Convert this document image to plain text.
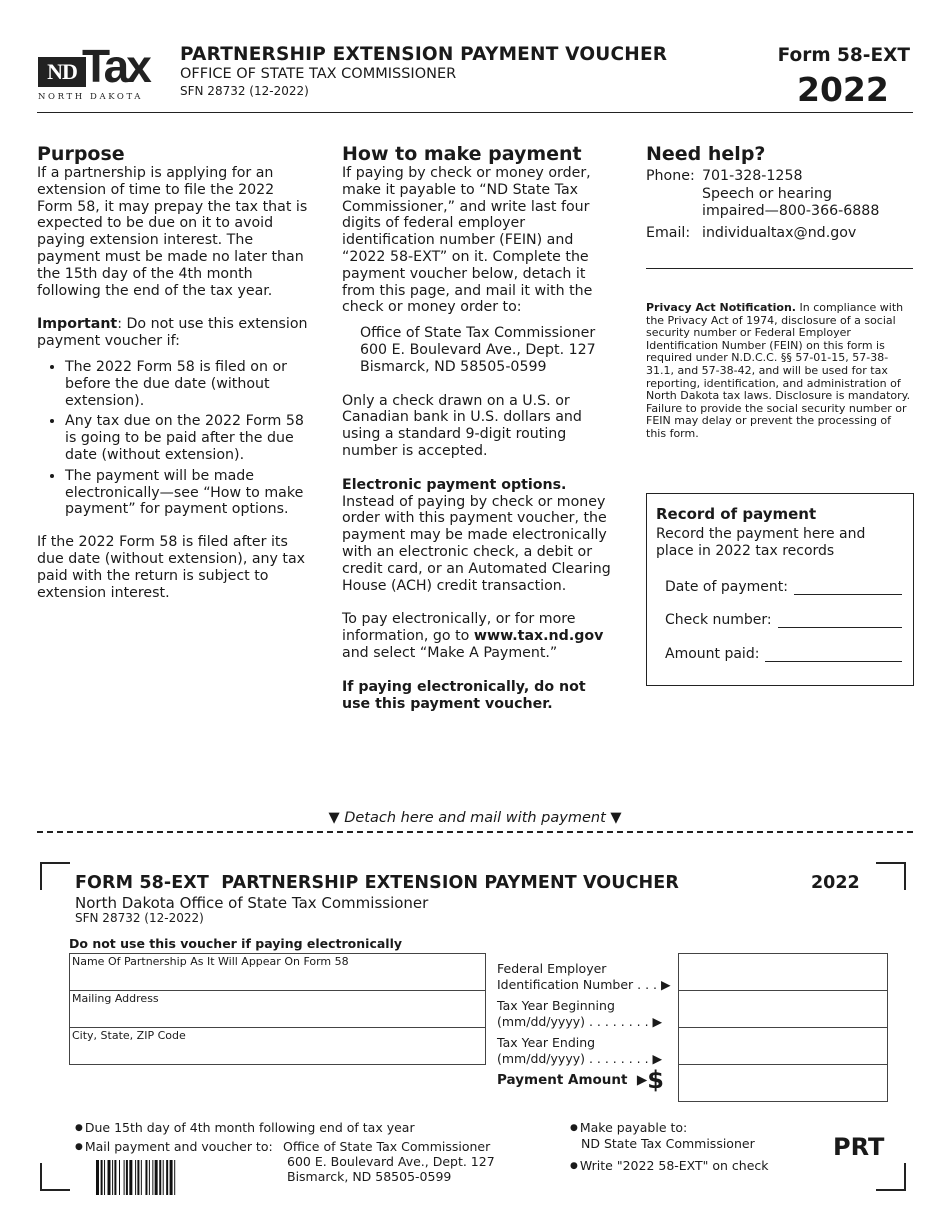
ND Tax
NORTH DAKOTA
PARTNERSHIP EXTENSION PAYMENT VOUCHER
OFFICE OF STATE TAX COMMISSIONER
SFN 28732 (12-2022)
Form 58-EXT
2022
Purpose

If a partnership is applying for an extension of time to file the 2022 Form 58, it may prepay the tax that is expected to be due on it to avoid paying extension interest. The payment must be made no later than the 15th day of the 4th month following the end of the tax year.

Important: Do not use this extension payment voucher if:

• The 2022 Form 58 is filed on or before the due date (without extension).
• Any tax due on the 2022 Form 58 is going to be paid after the due date (without extension).
• The payment will be made electronically—see “How to make payment” for payment options.

If the 2022 Form 58 is filed after its due date (without extension), any tax paid with the return is subject to extension interest.

How to make payment

If paying by check or money order, make it payable to “ND State Tax Commissioner,” and write last four digits of federal employer identification number (FEIN) and “2022 58-EXT” on it. Complete the payment voucher below, detach it from this page, and mail it with the check or money order to:

Office of State Tax Commissioner
600 E. Boulevard Ave., Dept. 127
Bismarck, ND 58505-0599

Only a check drawn on a U.S. or Canadian bank in U.S. dollars and using a standard 9-digit routing number is accepted.

Electronic payment options.

Instead of paying by check or money order with this payment voucher, the payment may be made electronically with an electronic check, a debit or credit card, or an Automated Clearing House (ACH) credit transaction.

To pay electronically, or for more information, go to www.tax.nd.gov and select “Make A Payment.”

If paying electronically, do not use this payment voucher.

Need help?
Phone: 701-328-1258
Speech or hearing
impaired—800-366-6888
Email: individualtax@nd.gov
Privacy Act Notification. In compliance with the Privacy Act of 1974, disclosure of a social security number or Federal Employer Identification Number (FEIN) on this form is required under N.D.C.C. §§ 57-01-15, 57-38-31.1, and 57-38-42, and will be used for tax reporting, identification, and administration of North Dakota tax laws. Disclosure is mandatory. Failure to provide the social security number or FEIN may delay or prevent the processing of this form.
Record of payment
Record the payment here and place in 2022 tax records
Date of payment:
Check number:
Amount paid:
▼ Detach here and mail with payment ▼
FORM 58-EXT  PARTNERSHIP EXTENSION PAYMENT VOUCHER	2022
North Dakota Office of State Tax Commissioner
SFN 28732 (12-2022)
Do not use this voucher if paying electronically
Name Of Partnership As It Will Appear On Form 58
Mailing Address
City, State, ZIP Code
Federal Employer
Identification Number . . . ▶
Tax Year Beginning
(mm/dd/yyyy) . . . . . . . . ▶
Tax Year Ending
(mm/dd/yyyy) . . . . . . . . ▶
Payment Amount  ▶ $
● Due 15th day of 4th month following end of tax year
● Mail payment and voucher to: Office of State Tax Commissioner
600 E. Boulevard Ave., Dept. 127
Bismarck, ND 58505-0599
● Make payable to:
ND State Tax Commissioner
● Write "2022 58-EXT" on check
PRT
